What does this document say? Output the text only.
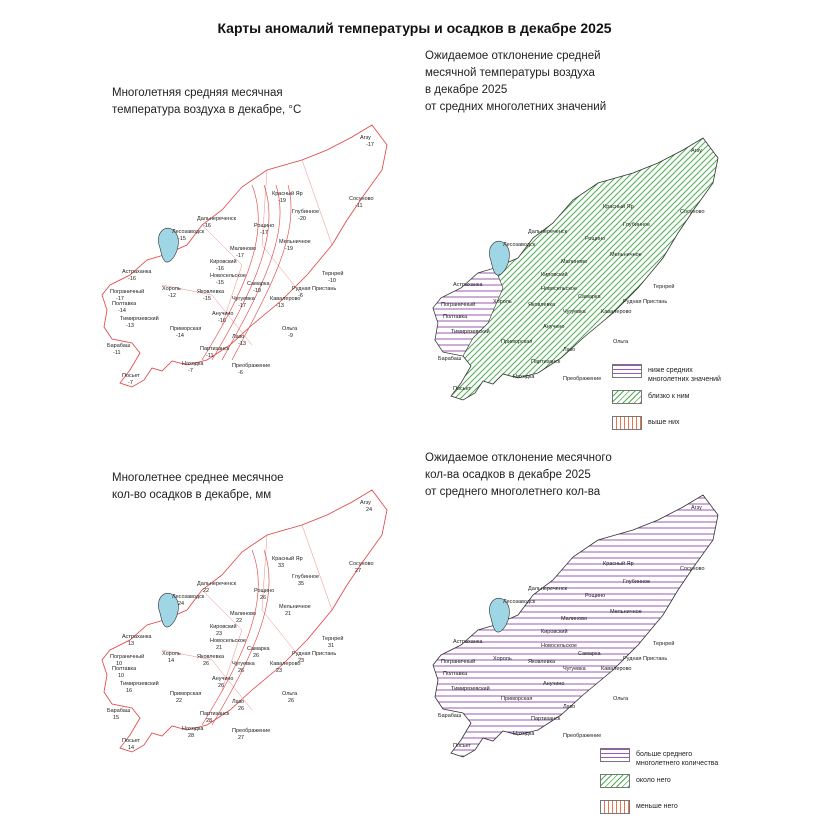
Карты аномалий температуры и осадков в декабре 2025
Многолетняя средняя месячная
температура воздуха в декабре, °С
Агзу
-17
Красный Яр
-19	Сосуново
-11
Глубинное
-20
Дальнереченск
-16	Рощино
-17
Лесозаводск
-15	Мельничное
-19
Малиново
-17
Кировский
-16
Тернрей
-10
Астраханка
-16	Новосельское
-15	Самарка
-19
Пограничный
-17
Хороль
-12
Яковлевка
-15
Рудная Пристань
-6
Полтавка
-14
Чугуевка
-17
Кавалерово
-13
Тимирязевский
-13
Анучино
-16
Ольга
-9
Приморская
-14	Лазо
-13
Барабаш
-11
Партизанск
-11
Находка
-7
Преображение
-6
Посьет
-7
Ожидаемое отклонение средней
месячной температуры воздуха
в декабре 2025
от средних многолетних значений
Агзу
Красный Яр
Сосуново
Глубинное
Дальнереченск
Рощино
Лесозаводск
Мельничное
Малиново
Кировский
Тернрей
Астраханка
Новосельское
Самарка
Пограничный	Хороль	Яковлевка	Рудная Пристань
Полтавка
Чугуевка	Кавалерово
Тимирязевский
Анучино
Ольга
Приморская
Лазо
Барабаш	Партизанск
Находка	Преображение
Посьет
ниже средних
многолетних значений
близко к ним
выше них
Многолетнее среднее месячное
кол-во осадков в декабре, мм
Агзу
24
Красный Яр
33	Сосуново
27
Глубинное
35
Дальнереченск
22	Рощино
26
Лесозаводск
24	Мельничное
21
Малиново
22
Кировский
23
Тернрей
31
Астраханка
13	Новосельское
21	Самарка
26
Пограничный
10
Хороль
14
Яковлевка
26
Рудная Пристань
23
Полтавка
10
Чугуевка
26
Кавалерово
23
Тимирязевский
16
Анучино
26
Ольга
26
Приморская
22	Лазо
26
Барабаш
15
Партизанск
28
Находка
28
Преображение
27
Посьет
14
Ожидаемое отклонение месячного
кол-ва осадков в декабре 2025
от среднего многолетнего кол-ва
Агзу
Красный Яр
Сосуново
Глубинное
Дальнереченск
Рощино
Лесозаводск
Мельничное
Малиново
Кировский
Тернрей
Астраханка
Новосельское
Самарка
Пограничный	Хороль	Яковлевка	Рудная Пристань
Полтавка
Чугуевка	Кавалерово
Тимирязевский
Анучино
Ольга
Приморская
Лазо
Барабаш	Партизанск
Находка	Преображение
Посьет
больше среднего
многолетнего количества
около него
меньше него
